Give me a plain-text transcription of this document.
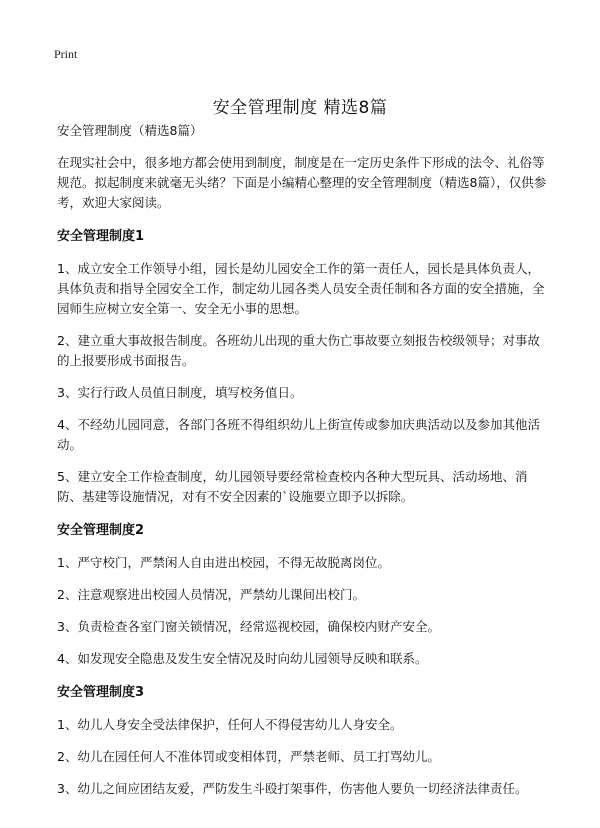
Print
安全管理制度 精选8篇

安全管理制度（精选8篇）

在现实社会中，很多地方都会使用到制度，制度是在一定历史条件下形成的法令、礼俗等规范。拟起制度来就毫无头绪？下面是小编精心整理的安全管理制度（精选8篇），仅供参考，欢迎大家阅读。

安全管理制度1

1、成立安全工作领导小组，园长是幼儿园安全工作的第一责任人，园长是具体负责人，具体负责和指导全园安全工作，制定幼儿园各类人员安全责任制和各方面的安全措施，全园师生应树立安全第一、安全无小事的思想。

2、建立重大事故报告制度。各班幼儿出现的重大伤亡事故要立刻报告校级领导；对事故的上报要形成书面报告。

3、实行行政人员值日制度，填写校务值日。

4、不经幼儿园同意，各部门各班不得组织幼儿上街宣传或参加庆典活动以及参加其他活动。

5、建立安全工作检查制度，幼儿园领导要经常检查校内各种大型玩具、活动场地、消防、基建等设施情况，对有不安全因素的`设施要立即予以拆除。

安全管理制度2

1、严守校门，严禁闲人自由进出校园，不得无故脱离岗位。

2、注意观察进出校园人员情况，严禁幼儿课间出校门。

3、负责检查各室门窗关锁情况，经常巡视校园，确保校内财产安全。

4、如发现安全隐患及发生安全情况及时向幼儿园领导反映和联系。

安全管理制度3

1、幼儿人身安全受法律保护，任何人不得侵害幼儿人身安全。

2、幼儿在园任何人不准体罚或变相体罚，严禁老师、员工打骂幼儿。

3、幼儿之间应团结友爱，严防发生斗殴打架事件，伤害他人要负一切经济法律责任。
